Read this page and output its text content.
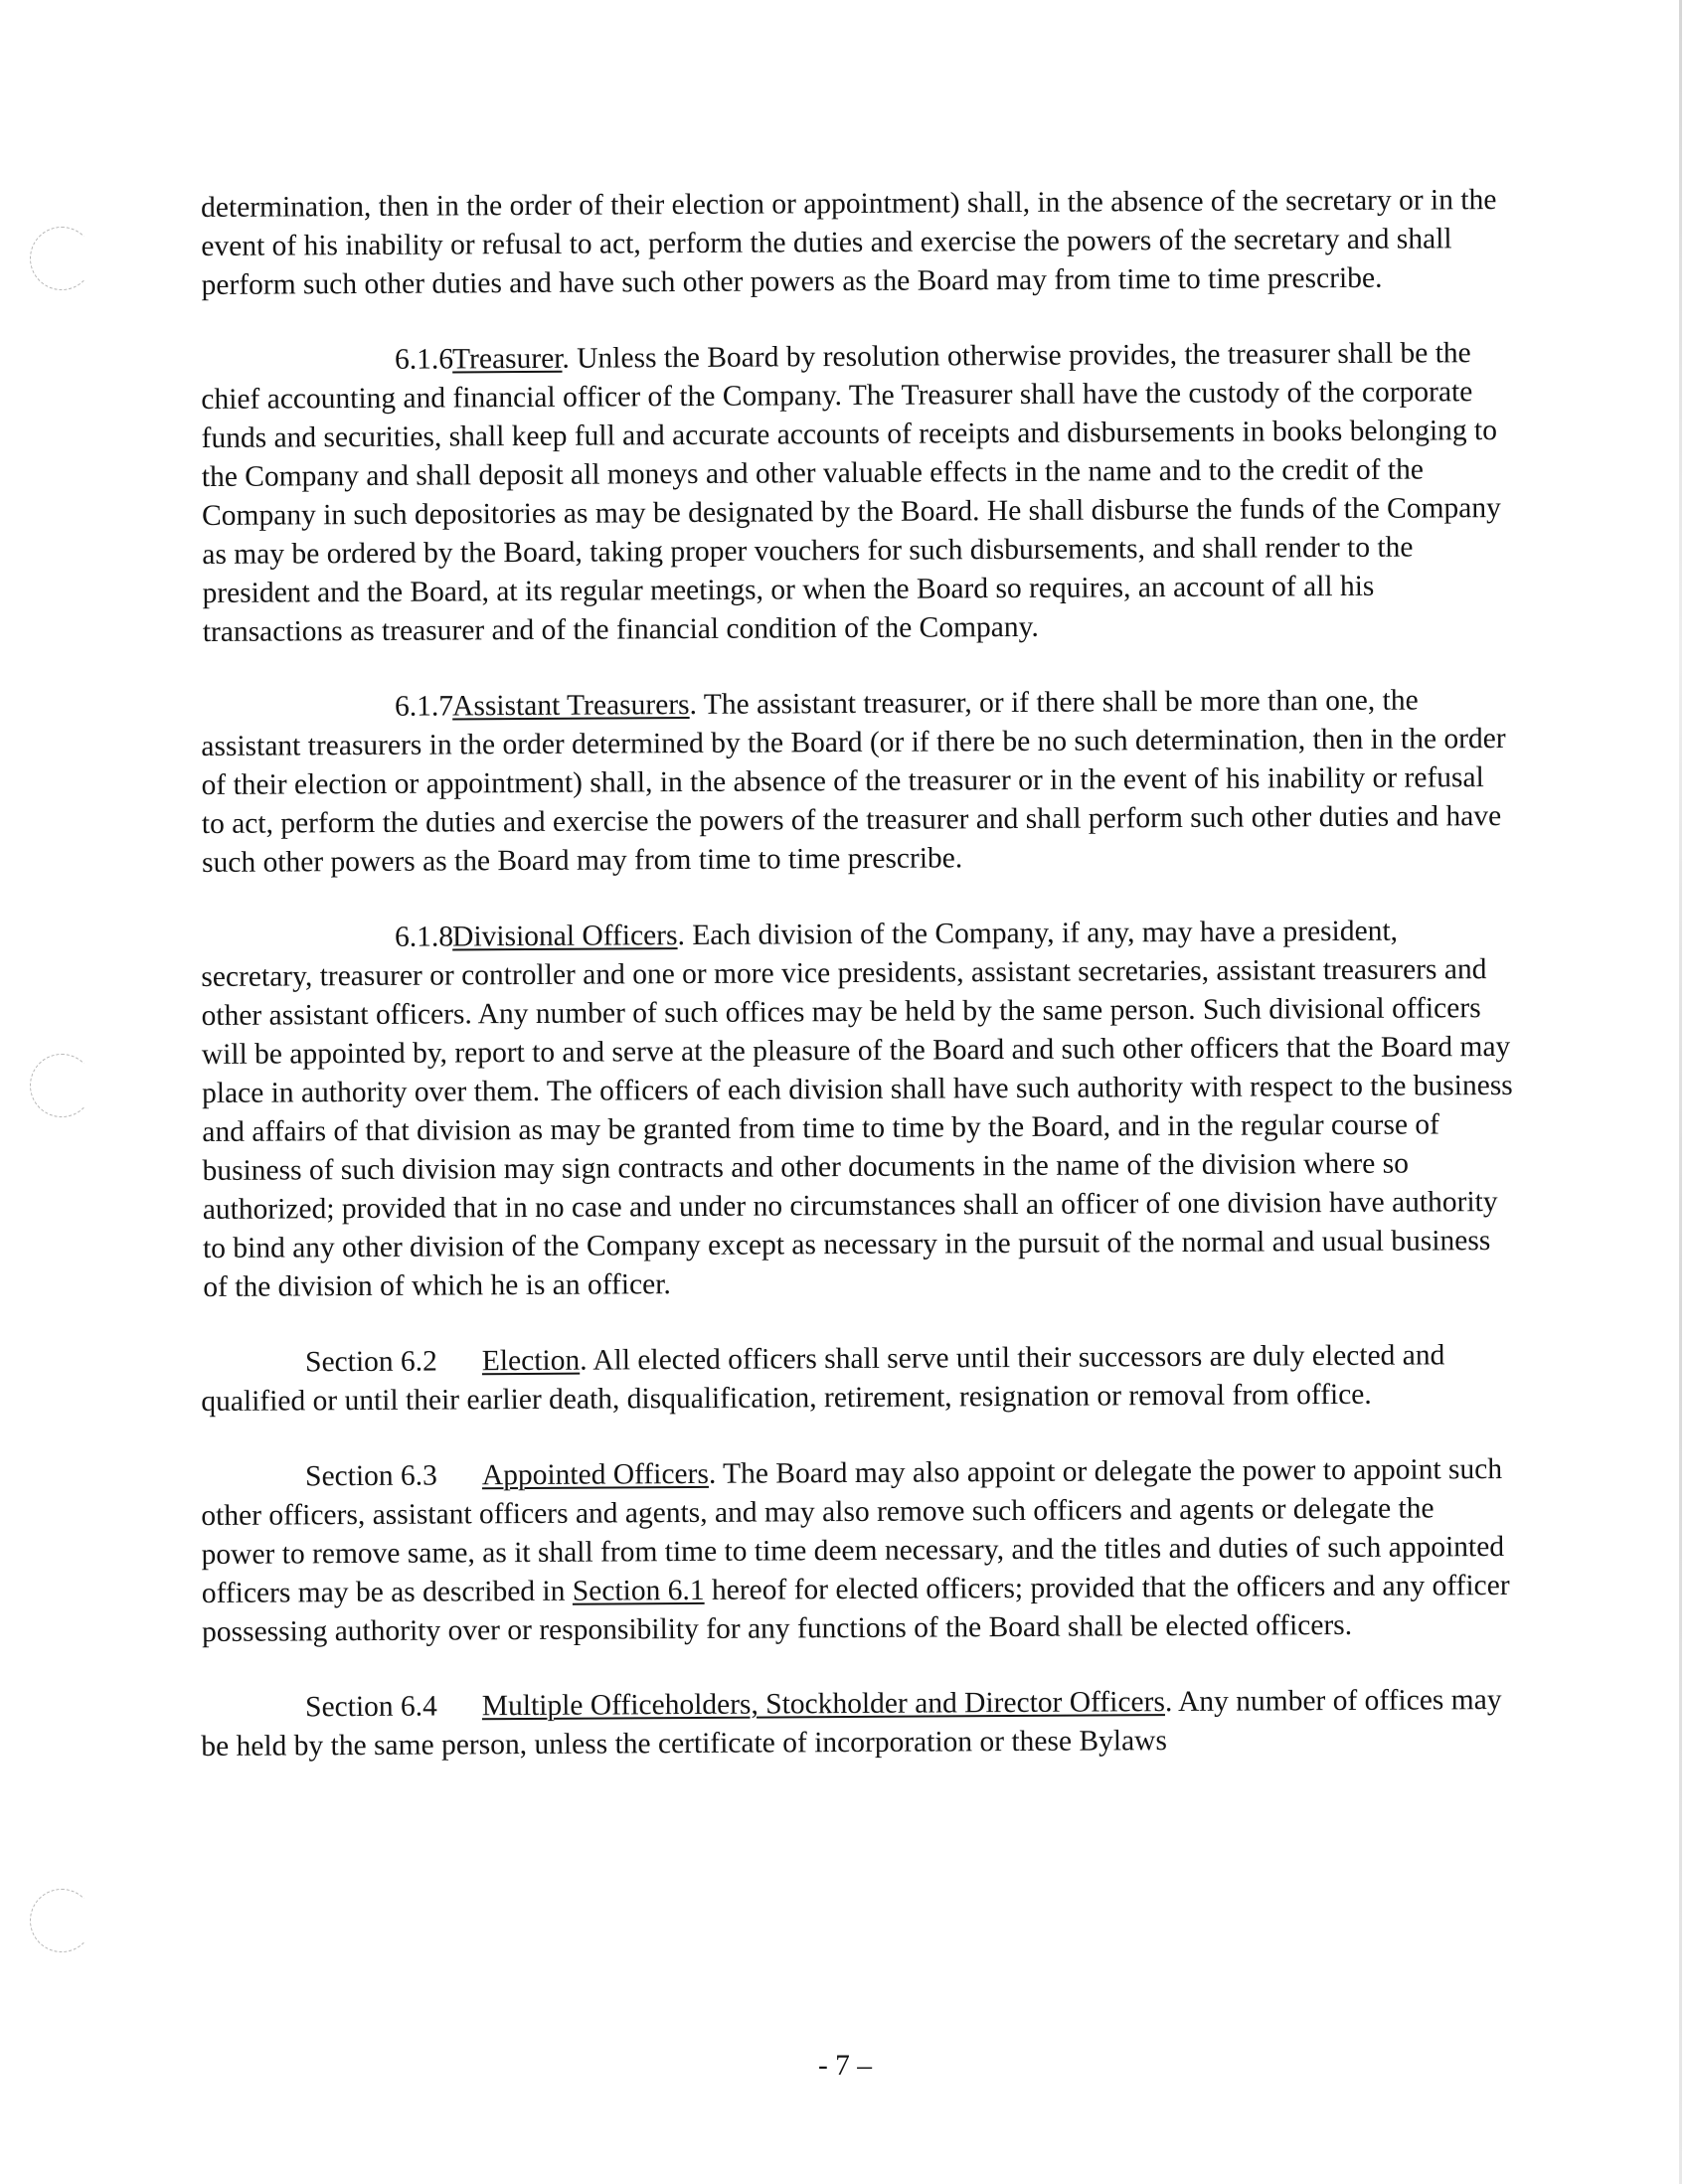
determination, then in the order of their election or appointment) shall, in the absence of the secretary or in the event of his inability or refusal to act, perform the duties and exercise the powers of the secretary and shall perform such other duties and have such other powers as the Board may from time to time prescribe.

6.1.6Treasurer. Unless the Board by resolution otherwise provides, the treasurer shall be the chief accounting and financial officer of the Company. The Treasurer shall have the custody of the corporate funds and securities, shall keep full and accurate accounts of receipts and disbursements in books belonging to the Company and shall deposit all moneys and other valuable effects in the name and to the credit of the Company in such depositories as may be designated by the Board. He shall disburse the funds of the Company as may be ordered by the Board, taking proper vouchers for such disbursements, and shall render to the president and the Board, at its regular meetings, or when the Board so requires, an account of all his transactions as treasurer and of the financial condition of the Company.

6.1.7Assistant Treasurers. The assistant treasurer, or if there shall be more than one, the assistant treasurers in the order determined by the Board (or if there be no such determination, then in the order of their election or appointment) shall, in the absence of the treasurer or in the event of his inability or refusal to act, perform the duties and exercise the powers of the treasurer and shall perform such other duties and have such other powers as the Board may from time to time prescribe.

6.1.8Divisional Officers. Each division of the Company, if any, may have a president, secretary, treasurer or controller and one or more vice presidents, assistant secretaries, assistant treasurers and other assistant officers. Any number of such offices may be held by the same person. Such divisional officers will be appointed by, report to and serve at the pleasure of the Board and such other officers that the Board may place in authority over them. The officers of each division shall have such authority with respect to the business and affairs of that division as may be granted from time to time by the Board, and in the regular course of business of such division may sign contracts and other documents in the name of the division where so authorized; provided that in no case and under no circumstances shall an officer of one division have authority to bind any other division of the Company except as necessary in the pursuit of the normal and usual business of the division of which he is an officer.

Section 6.2 Election. All elected officers shall serve until their successors are duly elected and qualified or until their earlier death, disqualification, retirement, resignation or removal from office.

Section 6.3 Appointed Officers. The Board may also appoint or delegate the power to appoint such other officers, assistant officers and agents, and may also remove such officers and agents or delegate the power to remove same, as it shall from time to time deem necessary, and the titles and duties of such appointed officers may be as described in Section 6.1 hereof for elected officers; provided that the officers and any officer possessing authority over or responsibility for any functions of the Board shall be elected officers.

Section 6.4 Multiple Officeholders, Stockholder and Director Officers. Any number of offices may be held by the same person, unless the certificate of incorporation or these Bylaws

- 7 –
